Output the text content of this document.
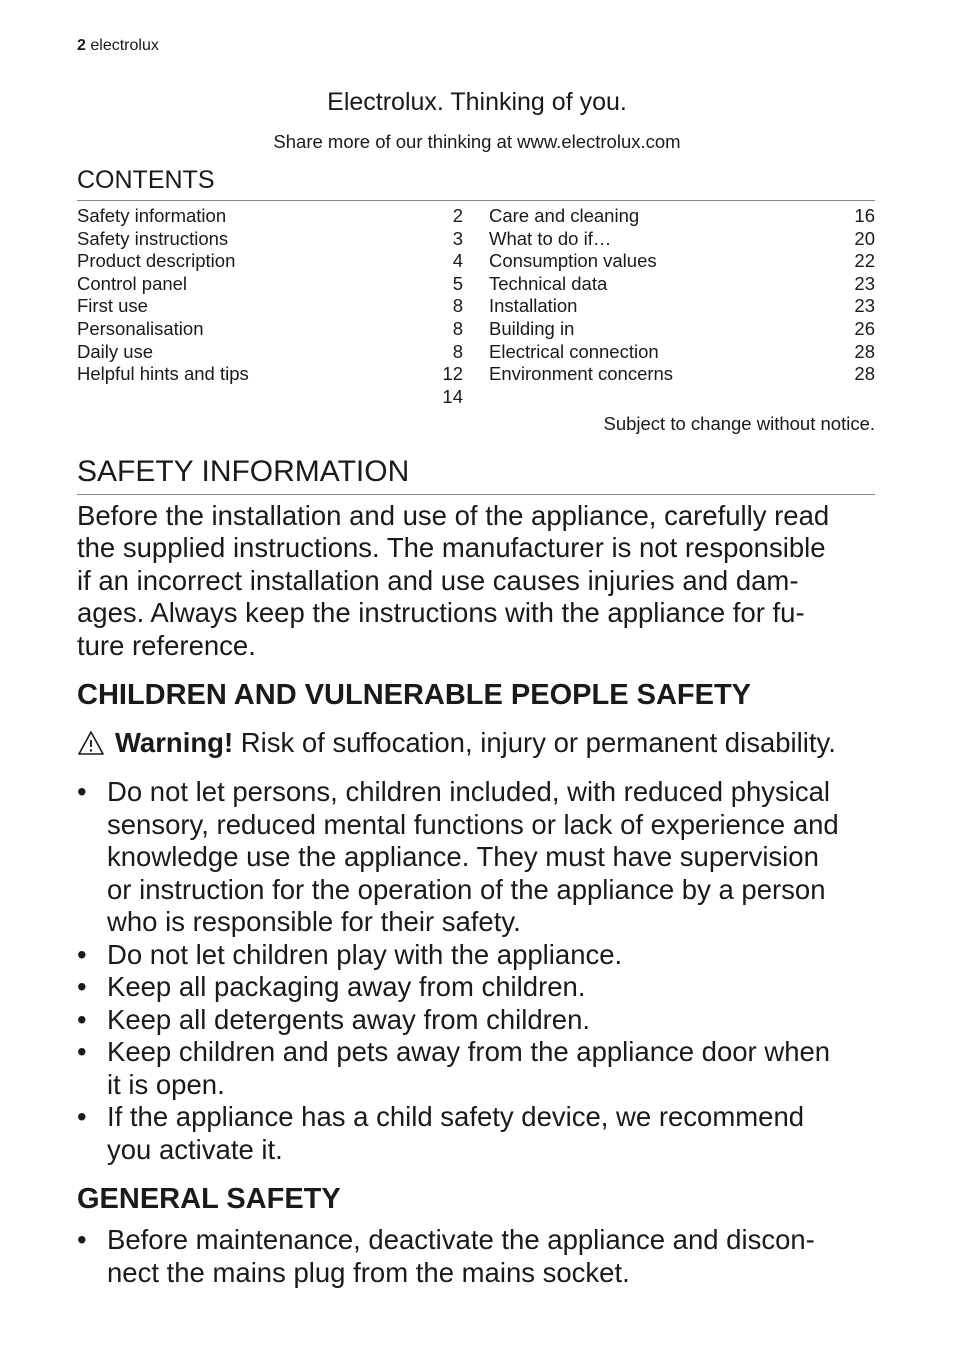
2 electrolux
Electrolux. Thinking of you.
Share more of our thinking at www.electrolux.com
CONTENTS
Safety information	2
Safety instructions	3
Product description	4
Control panel	5
First use	8
Personalisation	8
Daily use	8
Helpful hints and tips	12
14
Care and cleaning	16
What to do if…	20
Consumption values	22
Technical data	23
Installation	23
Building in	26
Electrical connection	28
Environment concerns	28
Subject to change without notice.
SAFETY INFORMATION
Before the installation and use of the appliance, carefully read
the supplied instructions. The manufacturer is not responsible
if an incorrect installation and use causes injuries and dam-
ages. Always keep the instructions with the appliance for fu-
ture reference.
CHILDREN AND VULNERABLE PEOPLE SAFETY
Warning! Risk of suffocation, injury or permanent disability.
• Do not let persons, children included, with reduced physical
sensory, reduced mental functions or lack of experience and
knowledge use the appliance. They must have supervision
or instruction for the operation of the appliance by a person
who is responsible for their safety.
• Do not let children play with the appliance.
• Keep all packaging away from children.
• Keep all detergents away from children.
• Keep children and pets away from the appliance door when
it is open.
• If the appliance has a child safety device, we recommend
you activate it.
GENERAL SAFETY
• Before maintenance, deactivate the appliance and discon-
nect the mains plug from the mains socket.
